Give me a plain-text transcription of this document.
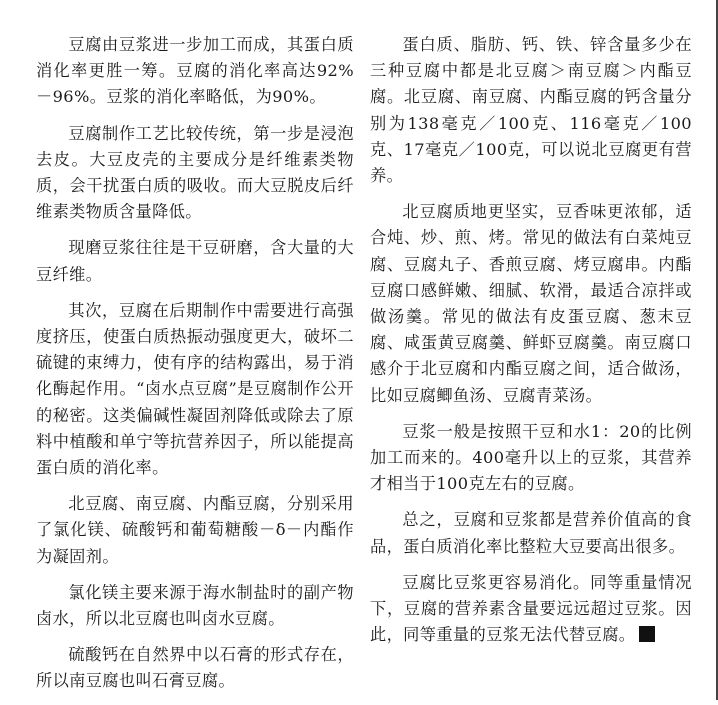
豆腐由豆浆进一步加工而成，其蛋白质消化率更胜一筹。豆腐的消化率高达92%－96%。豆浆的消化率略低，为90%。

豆腐制作工艺比较传统，第一步是浸泡去皮。大豆皮壳的主要成分是纤维素类物质，会干扰蛋白质的吸收。而大豆脱皮后纤维素类物质含量降低。

现磨豆浆往往是干豆研磨，含大量的大豆纤维。

其次，豆腐在后期制作中需要进行高强度挤压，使蛋白质热振动强度更大，破坏二硫键的束缚力，使有序的结构露出，易于消化酶起作用。“卤水点豆腐”是豆腐制作公开的秘密。这类偏碱性凝固剂降低或除去了原料中植酸和单宁等抗营养因子，所以能提高蛋白质的消化率。

北豆腐、南豆腐、内酯豆腐，分别采用了氯化镁、硫酸钙和葡萄糖酸－δ－内酯作为凝固剂。

氯化镁主要来源于海水制盐时的副产物卤水，所以北豆腐也叫卤水豆腐。

硫酸钙在自然界中以石膏的形式存在，所以南豆腐也叫石膏豆腐。

蛋白质、脂肪、钙、铁、锌含量多少在三种豆腐中都是北豆腐＞南豆腐＞内酯豆腐。北豆腐、南豆腐、内酯豆腐的钙含量分别为138毫克／100克、116毫克／100克、17毫克／100克，可以说北豆腐更有营养。

北豆腐质地更坚实，豆香味更浓郁，适合炖、炒、煎、烤。常见的做法有白菜炖豆腐、豆腐丸子、香煎豆腐、烤豆腐串。内酯豆腐口感鲜嫩、细腻、软滑，最适合凉拌或做汤羹。常见的做法有皮蛋豆腐、葱末豆腐、咸蛋黄豆腐羹、鲜虾豆腐羹。南豆腐口感介于北豆腐和内酯豆腐之间，适合做汤，比如豆腐鲫鱼汤、豆腐青菜汤。

豆浆一般是按照干豆和水1：20的比例加工而来的。400毫升以上的豆浆，其营养才相当于100克左右的豆腐。

总之，豆腐和豆浆都是营养价值高的食品，蛋白质消化率比整粒大豆要高出很多。

豆腐比豆浆更容易消化。同等重量情况下，豆腐的营养素含量要远远超过豆浆。因此，同等重量的豆浆无法代替豆腐。
